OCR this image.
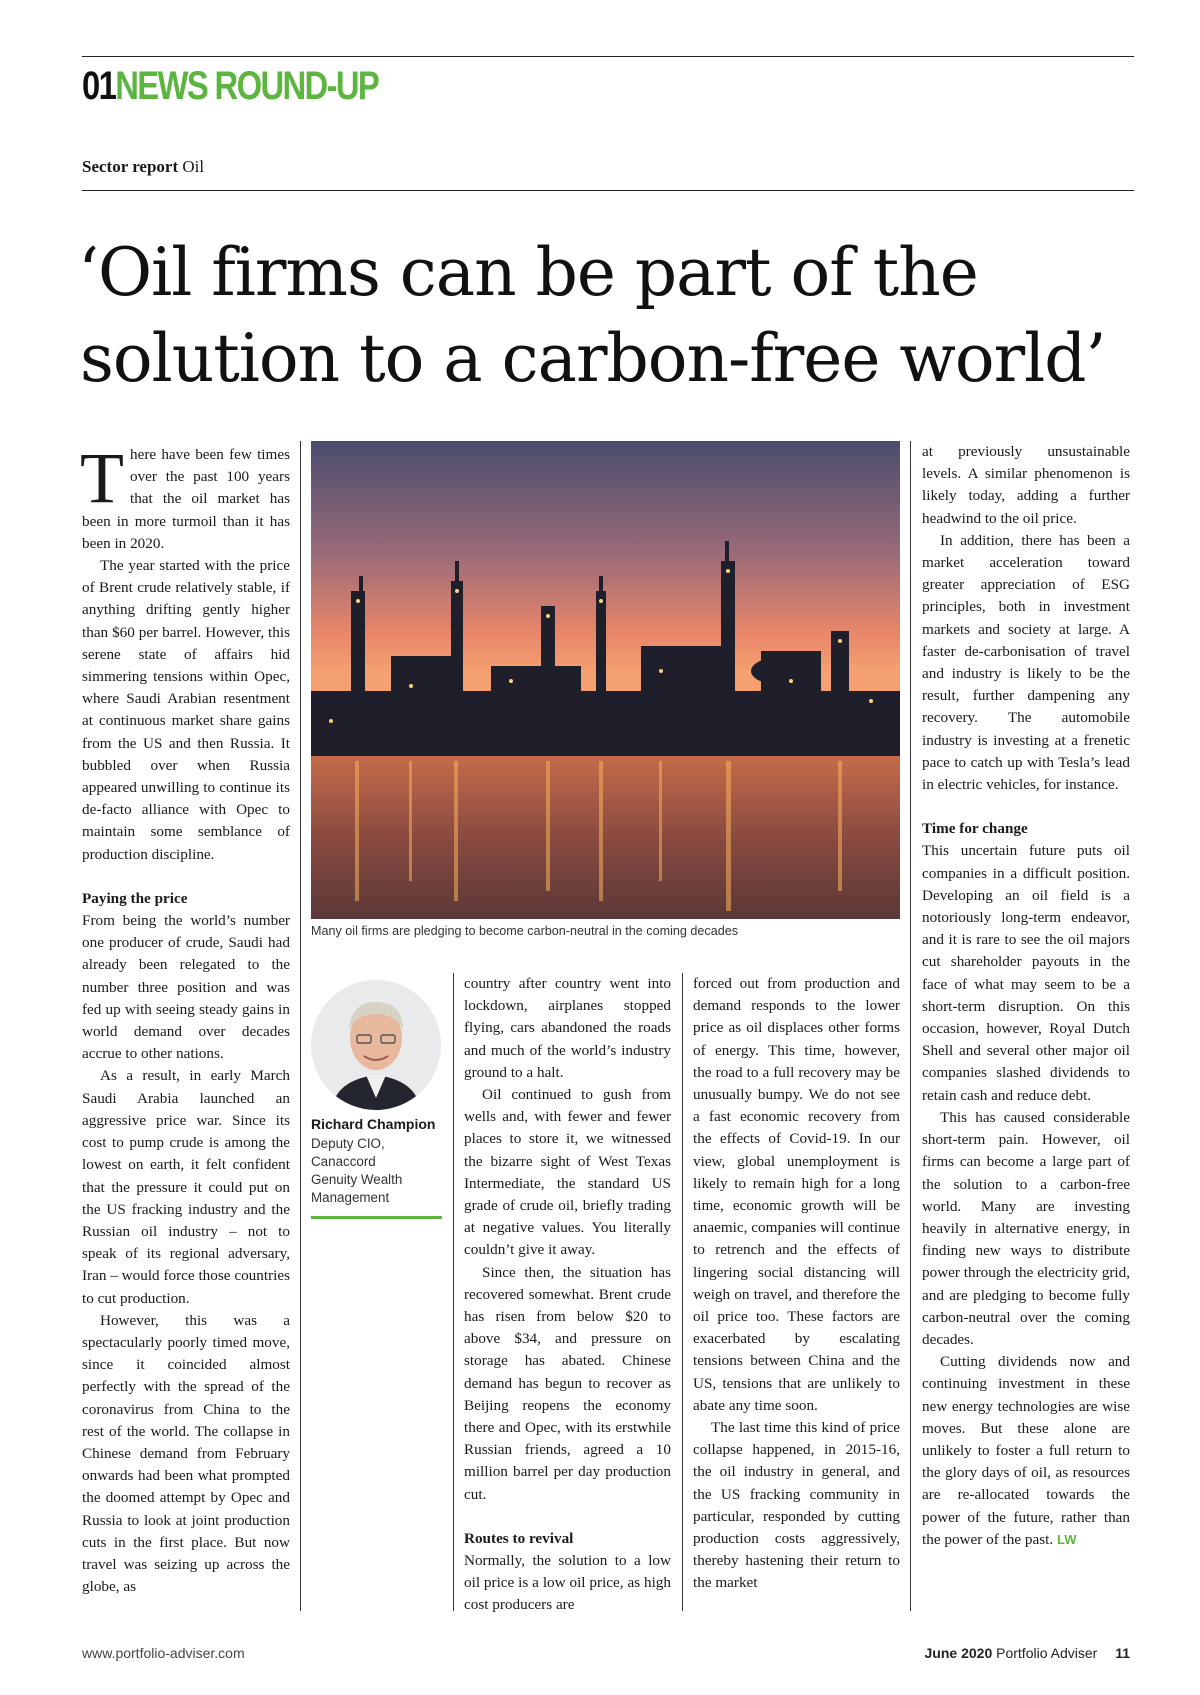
01NEWS ROUND-UP
Sector report Oil
‘Oil firms can be part of the
solution to a carbon-free world’

There have been few times over the past 100 years that the oil market has been in more turmoil than it has been in 2020.

The year started with the price of Brent crude relatively stable, if anything drifting gently higher than $60 per barrel. However, this serene state of affairs hid simmering tensions within Opec, where Saudi Arabian resentment at continuous market share gains from the US and then Russia. It bubbled over when Russia appeared unwilling to continue its de-facto alliance with Opec to maintain some semblance of production discipline.

Paying the price

From being the world’s number one producer of crude, Saudi had already been relegated to the number three position and was fed up with seeing steady gains in world demand over decades accrue to other nations.

As a result, in early March Saudi Arabia launched an aggressive price war. Since its cost to pump crude is among the lowest on earth, it felt confident that the pressure it could put on the US fracking industry and the Russian oil industry – not to speak of its regional adversary, Iran – would force those countries to cut production.

However, this was a spectacularly poorly timed move, since it coincided almost perfectly with the spread of the coronavirus from China to the rest of the world. The collapse in Chinese demand from February onwards had been what prompted the doomed attempt by Opec and Russia to look at joint production cuts in the first place. But now travel was seizing up across the globe, as

Many oil firms are pledging to become carbon-neutral in the coming decades
Richard Champion
Deputy CIO,
Canaccord
Genuity Wealth
Management

country after country went into lockdown, airplanes stopped flying, cars abandoned the roads and much of the world’s industry ground to a halt.

Oil continued to gush from wells and, with fewer and fewer places to store it, we witnessed the bizarre sight of West Texas Intermediate, the standard US grade of crude oil, briefly trading at negative values. You literally couldn’t give it away.

Since then, the situation has recovered somewhat. Brent crude has risen from below $20 to above $34, and pressure on storage has abated. Chinese demand has begun to recover as Beijing reopens the economy there and Opec, with its erstwhile Russian friends, agreed a 10 million barrel per day production cut.

Routes to revival

Normally, the solution to a low oil price is a low oil price, as high cost producers are

forced out from production and demand responds to the lower price as oil displaces other forms of energy. This time, however, the road to a full recovery may be unusually bumpy. We do not see a fast economic recovery from the effects of Covid-19. In our view, global unemployment is likely to remain high for a long time, economic growth will be anaemic, companies will continue to retrench and the effects of lingering social distancing will weigh on travel, and therefore the oil price too. These factors are exacerbated by escalating tensions between China and the US, tensions that are unlikely to abate any time soon.

The last time this kind of price collapse happened, in 2015-16, the oil industry in general, and the US fracking community in particular, responded by cutting production costs aggressively, thereby hastening their return to the market

at previously unsustainable levels. A similar phenomenon is likely today, adding a further headwind to the oil price.

In addition, there has been a market acceleration toward greater appreciation of ESG principles, both in investment markets and society at large. A faster de-carbonisation of travel and industry is likely to be the result, further dampening any recovery. The automobile industry is investing at a frenetic pace to catch up with Tesla’s lead in electric vehicles, for instance.

Time for change

This uncertain future puts oil companies in a difficult position. Developing an oil field is a notoriously long-term endeavor, and it is rare to see the oil majors cut shareholder payouts in the face of what may seem to be a short-term disruption. On this occasion, however, Royal Dutch Shell and several other major oil companies slashed dividends to retain cash and reduce debt.

This has caused considerable short-term pain. However, oil firms can become a large part of the solution to a carbon-free world. Many are investing heavily in alternative energy, in finding new ways to distribute power through the electricity grid, and are pledging to become fully carbon-neutral over the coming decades.

Cutting dividends now and continuing investment in these new energy technologies are wise moves. But these alone are unlikely to foster a full return to the glory days of oil, as resources are re-allocated towards the power of the future, rather than the power of the past. LW

www.portfolio-adviser.com	June 2020 Portfolio Adviser 11
